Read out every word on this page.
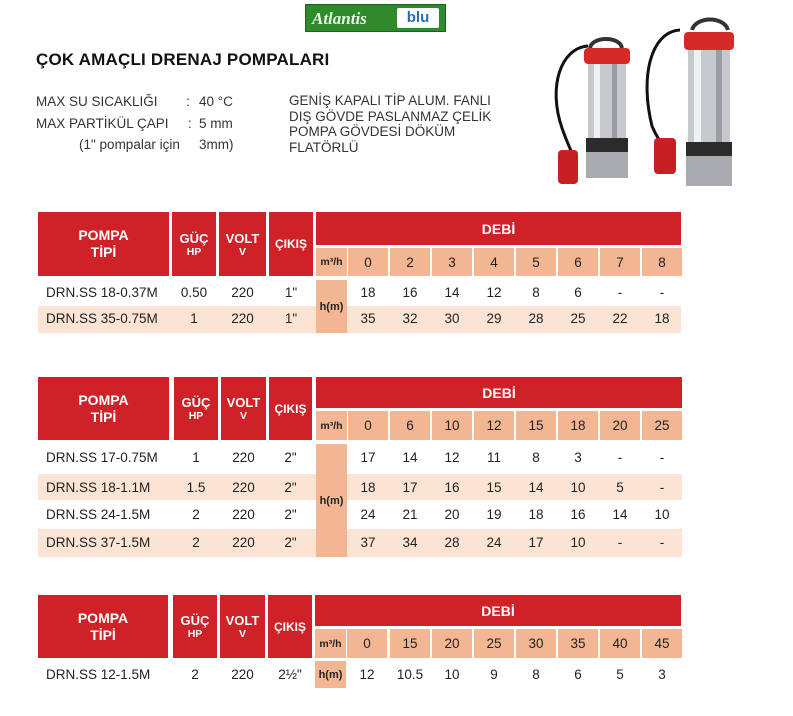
Atlantis	blu
ÇOK AMAÇLI DRENAJ POMPALARI
MAX SU SICAKLIĞI : 40 °C
MAX PARTİKÜL ÇAPI : 5 mm
(1" pompalar için 3mm)
GENİŞ KAPALI TİP ALUM. FANLI
DIŞ GÖVDE PASLANMAZ ÇELİK
POMPA GÖVDESİ DÖKÜM
FLATÖRLÜ
POMPA
TİPİ
GÜÇ
HP
VOLT
V
ÇIKIŞ
DEBİ
m³/h	0	2	3	4	5	6	7	8
h(m)
DRN.SS 18-0.37M	0.50	220	1"	18	16	14	12	8	6	-	-
DRN.SS 35-0.75M	1	220	1"	35	32	30	29	28	25	22	18
POMPA
TİPİ
GÜÇ
HP
VOLT
V
ÇIKIŞ
DEBİ
m³/h	0	6	10	12	15	18	20	25
h(m)
DRN.SS 17-0.75M	1	220	2"	17	14	12	11	8	3	-	-
DRN.SS 18-1.1M	1.5	220	2"	18	17	16	15	14	10	5	-
DRN.SS 24-1.5M	2	220	2"	24	21	20	19	18	16	14	10
DRN.SS 37-1.5M	2	220	2"	37	34	28	24	17	10	-	-
POMPA
TİPİ
GÜÇ
HP
VOLT
V
ÇIKIŞ
DEBİ
m³/h	0	15	20	25	30	35	40	45
h(m)
DRN.SS 12-1.5M	2	220	2½"	12	10.5	10	9	8	6	5	3
